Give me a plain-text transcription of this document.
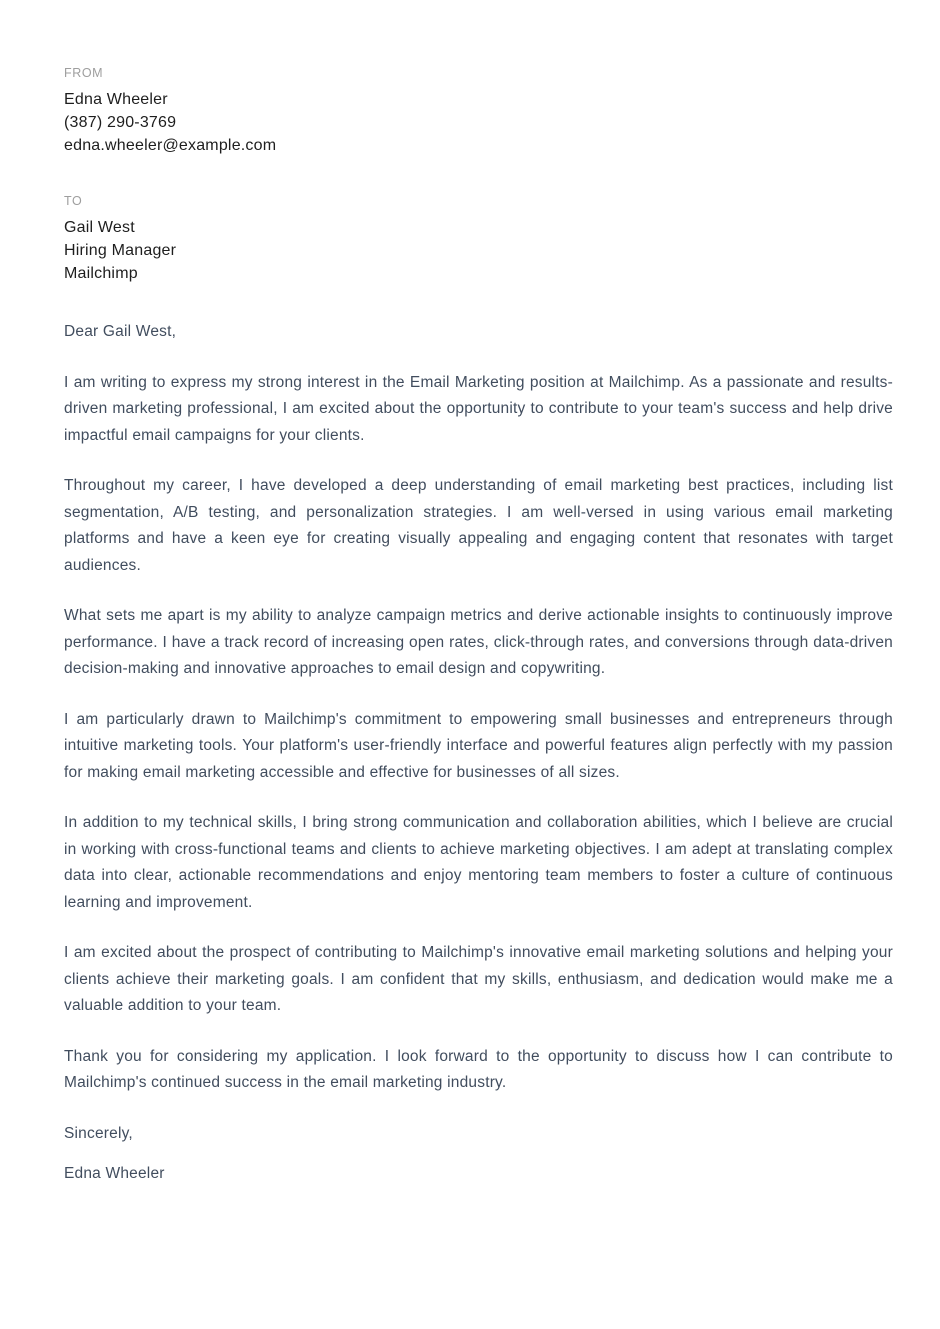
FROM
Edna Wheeler
(387) 290-3769
edna.wheeler@example.com
TO
Gail West
Hiring Manager
Mailchimp

Dear Gail West,

I am writing to express my strong interest in the Email Marketing position at Mailchimp. As a passionate and results-driven marketing professional, I am excited about the opportunity to contribute to your team's success and help drive impactful email campaigns for your clients.

Throughout my career, I have developed a deep understanding of email marketing best practices, including list segmentation, A/B testing, and personalization strategies. I am well-versed in using various email marketing platforms and have a keen eye for creating visually appealing and engaging content that resonates with target audiences.

What sets me apart is my ability to analyze campaign metrics and derive actionable insights to continuously improve performance. I have a track record of increasing open rates, click-through rates, and conversions through data-driven decision-making and innovative approaches to email design and copywriting.

I am particularly drawn to Mailchimp's commitment to empowering small businesses and entrepreneurs through intuitive marketing tools. Your platform's user-friendly interface and powerful features align perfectly with my passion for making email marketing accessible and effective for businesses of all sizes.

In addition to my technical skills, I bring strong communication and collaboration abilities, which I believe are crucial in working with cross-functional teams and clients to achieve marketing objectives. I am adept at translating complex data into clear, actionable recommendations and enjoy mentoring team members to foster a culture of continuous learning and improvement.

I am excited about the prospect of contributing to Mailchimp's innovative email marketing solutions and helping your clients achieve their marketing goals. I am confident that my skills, enthusiasm, and dedication would make me a valuable addition to your team.

Thank you for considering my application. I look forward to the opportunity to discuss how I can contribute to Mailchimp's continued success in the email marketing industry.

Sincerely,

Edna Wheeler
